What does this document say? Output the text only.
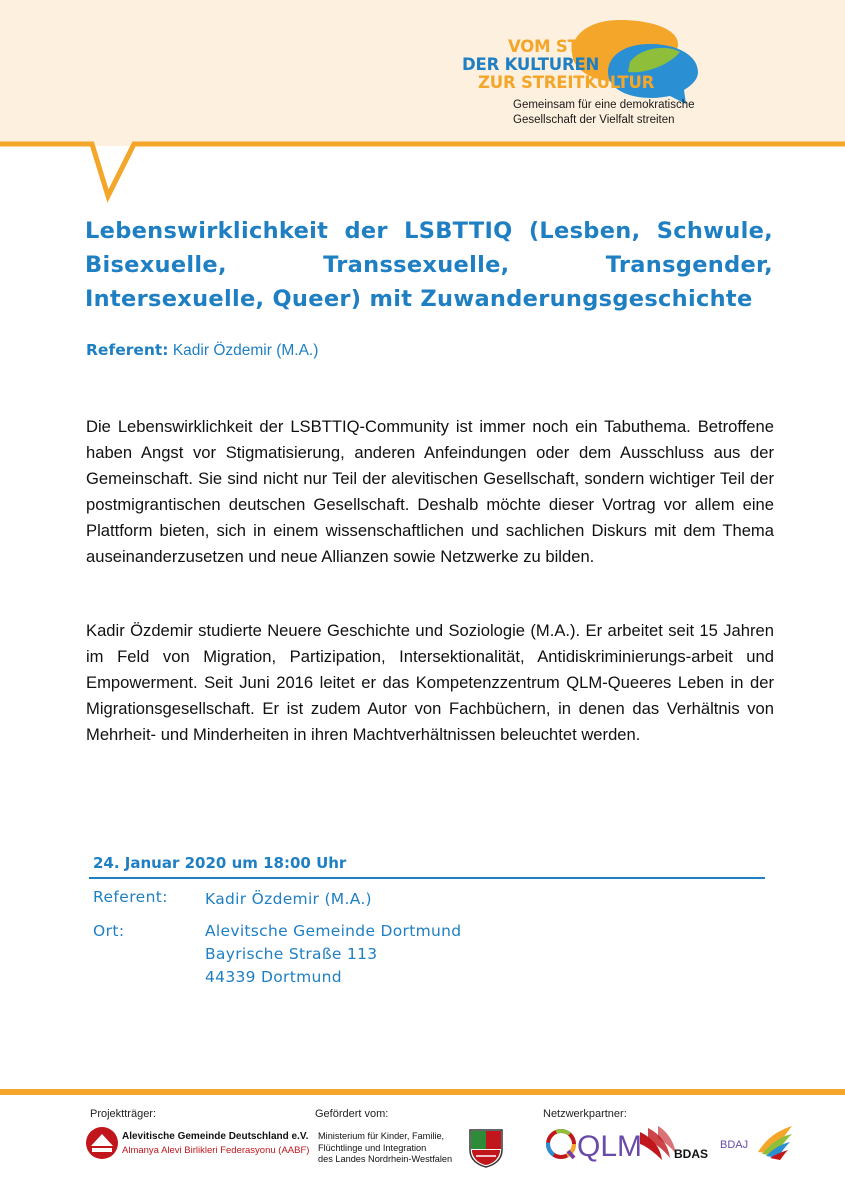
VOM STREIT
DER KULTUREN
ZUR STREITKULTUR
Gemeinsam für eine demokratische
Gesellschaft der Vielfalt streiten
Lebenswirklichkeit der LSBTTIQ (Lesben, Schwule, Bisexuelle, Transsexuelle, Transgender, Intersexuelle, Queer) mit Zuwanderungsgeschichte
Referent: Kadir Özdemir (M.A.)
Die Lebenswirklichkeit der LSBTTIQ-Community ist immer noch ein Tabuthema. Betroffene haben Angst vor Stigmatisierung, anderen Anfeindungen oder dem Ausschluss aus der Gemeinschaft. Sie sind nicht nur Teil der alevitischen Gesellschaft, sondern wichtiger Teil der postmigrantischen deutschen Gesellschaft. Deshalb möchte dieser Vortrag vor allem eine Plattform bieten, sich in einem wissenschaftlichen und sachlichen Diskurs mit dem Thema auseinanderzusetzen und neue Allianzen sowie Netzwerke zu bilden.
Kadir Özdemir studierte Neuere Geschichte und Soziologie (M.A.). Er arbeitet seit 15 Jahren im Feld von Migration, Partizipation, Intersektionalität, Antidiskriminierungs-arbeit und Empowerment. Seit Juni 2016 leitet er das Kompetenzzentrum QLM-Queeres Leben in der Migrationsgesellschaft. Er ist zudem Autor von Fachbüchern, in denen das Verhältnis von Mehrheit- und Minderheiten in ihren Machtverhältnissen beleuchtet werden.
24. Januar 2020 um 18:00 Uhr
Referent: Kadir Özdemir (M.A.)
Ort:	Alevitsche Gemeinde Dortmund
Bayrische Straße 113
44339 Dortmund
Projektträger:
Alevitische Gemeinde Deutschland e.V.
Almanya Alevi Birlikleri Federasyonu (AABF)
Gefördert vom:
Ministerium für Kinder, Familie,
Flüchtlinge und Integration
des Landes Nordrhein-Westfalen
Netzwerkpartner:
QLM	BDAS
BDAJ
